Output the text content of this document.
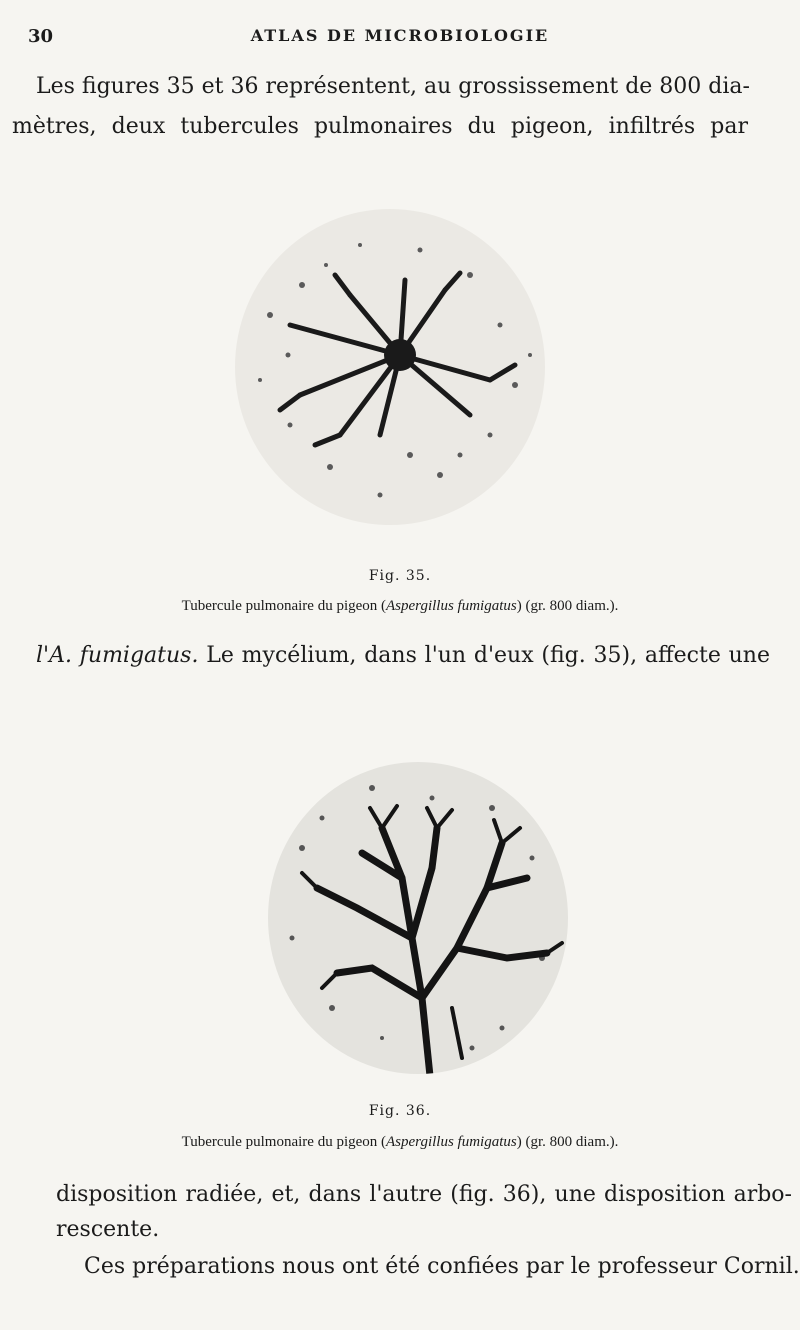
30	ATLAS DE MICROBIOLOGIE
Les figures 35 et 36 représentent, au grossissement de 800 dia-
mètres, deux tubercules pulmonaires du pigeon, infiltrés par
Fig. 35.
Tubercule pulmonaire du pigeon (Aspergillus fumigatus) (gr. 800 diam.).
l'A. fumigatus. Le mycélium, dans l'un d'eux (fig. 35), affecte une
Fig. 36.
Tubercule pulmonaire du pigeon (Aspergillus fumigatus) (gr. 800 diam.).
disposition radiée, et, dans l'autre (fig. 36), une disposition arbo-
rescente.
Ces préparations nous ont été confiées par le professeur Cornil.
